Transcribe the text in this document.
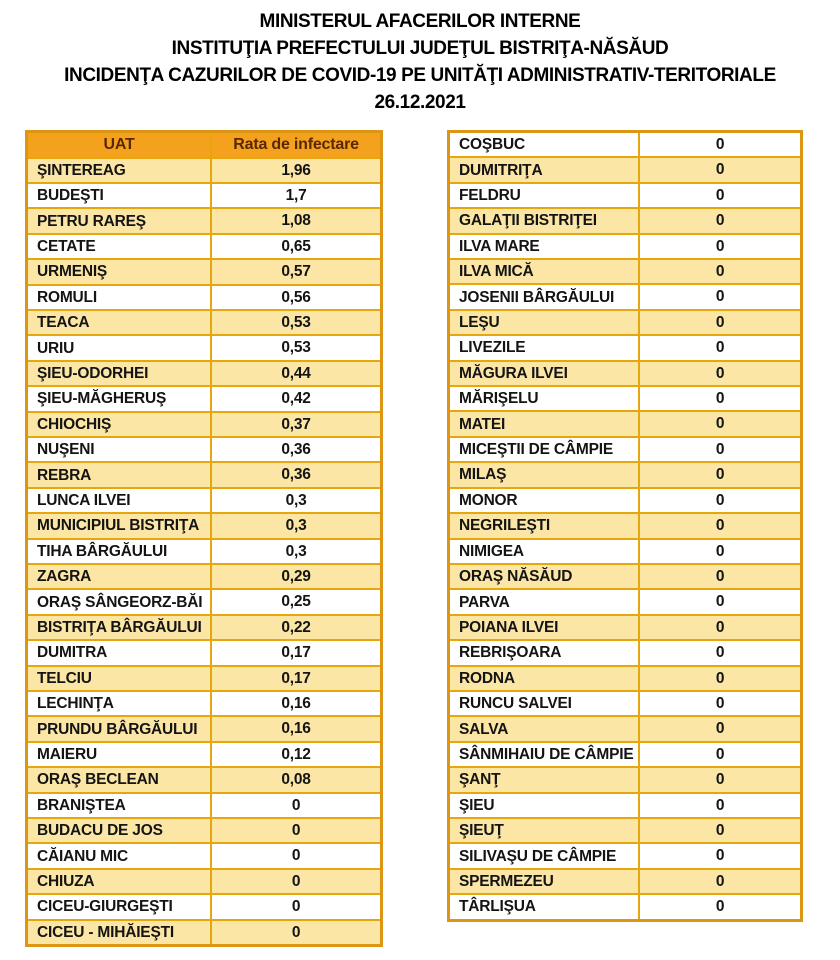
MINISTERUL AFACERILOR INTERNE
INSTITUŢIA PREFECTULUI JUDEŢUL BISTRIŢA-NĂSĂUD
INCIDENŢA CAZURILOR DE COVID-19 PE UNITĂŢI ADMINISTRATIV-TERITORIALE
26.12.2021
UAT	Rata de infectare
ŞINTEREAG	1,96
BUDEŞTI	1,7
PETRU RAREŞ	1,08
CETATE	0,65
URMENIŞ	0,57
ROMULI	0,56
TEACA	0,53
URIU	0,53
ŞIEU-ODORHEI	0,44
ŞIEU-MĂGHERUŞ	0,42
CHIOCHIŞ	0,37
NUŞENI	0,36
REBRA	0,36
LUNCA ILVEI	0,3
MUNICIPIUL BISTRIŢA	0,3
TIHA BÂRGĂULUI	0,3
ZAGRA	0,29
ORAŞ SÂNGEORZ-BĂI	0,25
BISTRIŢA BÂRGĂULUI	0,22
DUMITRA	0,17
TELCIU	0,17
LECHINŢA	0,16
PRUNDU BÂRGĂULUI	0,16
MAIERU	0,12
ORAŞ BECLEAN	0,08
BRANIŞTEA	0
BUDACU DE JOS	0
CĂIANU MIC	0
CHIUZA	0
CICEU-GIURGEŞTI	0
CICEU - MIHĂIEŞTI	0
COŞBUC	0
DUMITRIŢA	0
FELDRU	0
GALAŢII BISTRIŢEI	0
ILVA MARE	0
ILVA MICĂ	0
JOSENII BÂRGĂULUI	0
LEŞU	0
LIVEZILE	0
MĂGURA ILVEI	0
MĂRIŞELU	0
MATEI	0
MICEŞTII DE CÂMPIE	0
MILAŞ	0
MONOR	0
NEGRILEŞTI	0
NIMIGEA	0
ORAŞ NĂSĂUD	0
PARVA	0
POIANA ILVEI	0
REBRIŞOARA	0
RODNA	0
RUNCU SALVEI	0
SALVA	0
SÂNMIHAIU DE CÂMPIE	0
ŞANŢ	0
ŞIEU	0
ŞIEUŢ	0
SILIVAŞU DE CÂMPIE	0
SPERMEZEU	0
TÂRLIŞUA	0
